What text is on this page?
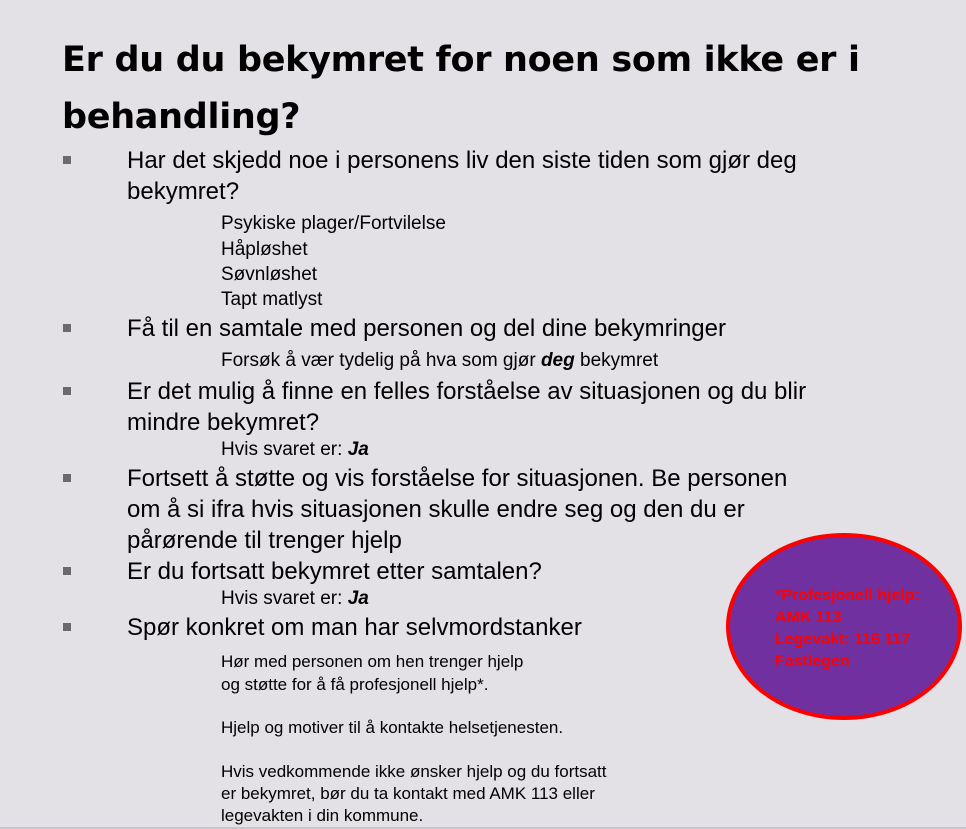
Er du du bekymret for noen som ikke er i behandling?
Har det skjedd noe i personens liv den siste tiden som gjør deg bekymret?
Psykiske plager/Fortvilelse
Håpløshet
Søvnløshet
Tapt matlyst
Få til en samtale med personen og del dine bekymringer
Forsøk å vær tydelig på hva som gjør deg bekymret
Er det mulig å finne en felles forståelse av situasjonen og du blir mindre bekymret?
Hvis svaret er: Ja
Fortsett å støtte og vis forståelse for situasjonen. Be personen om å si ifra hvis situasjonen skulle endre seg og den du er pårørende til trenger hjelp
Er du fortsatt bekymret etter samtalen?
Hvis svaret er: Ja
Spør konkret om man har selvmordstanker
Hør med personen om hen trenger hjelp
og støtte for å få profesjonell hjelp*.
Hjelp og motiver til å kontakte helsetjenesten.
Hvis vedkommende ikke ønsker hjelp og du fortsatt
er bekymret, bør du ta kontakt med AMK 113 eller
legevakten i din kommune.
*Profesjonell hjelp:
AMK 113
Legevakt: 116 117
Fastlegen
